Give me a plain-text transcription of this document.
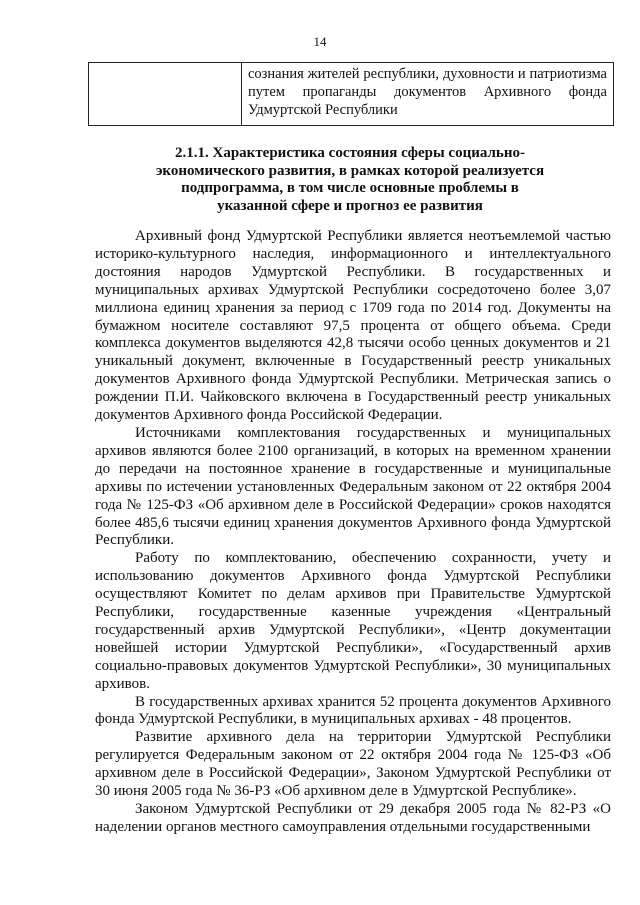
14

сознания жителей республики, духовности и патриотизма путем пропаганды документов Архивного фонда Удмуртской Республики
2.1.1. Характеристика состояния сферы социально-экономического развития, в рамках которой реализуется подпрограмма, в том числе основные проблемы в указанной сфере и прогноз ее развития

Архивный фонд Удмуртской Республики является неотъемлемой частью историко-культурного наследия, информационного и интеллектуального достояния народов Удмуртской Республики. В государственных и муниципальных архивах Удмуртской Республики сосредоточено более 3,07 миллиона единиц хранения за период с 1709 года по 2014 год. Документы на бумажном носителе составляют 97,5 процента от общего объема. Среди комплекса документов выделяются 42,8 тысячи особо ценных документов и 21 уникальный документ, включенные в Государственный реестр уникальных документов Архивного фонда Удмуртской Республики. Метрическая запись о рождении П.И. Чайковского включена в Государственный реестр уникальных документов Архивного фонда Российской Федерации.

Источниками комплектования государственных и муниципальных архивов являются более 2100 организаций, в которых на временном хранении до передачи на постоянное хранение в государственные и муниципальные архивы по истечении установленных Федеральным законом от 22 октября 2004 года № 125-ФЗ «Об архивном деле в Российской Федерации» сроков находятся более 485,6 тысячи единиц хранения документов Архивного фонда Удмуртской Республики.

Работу по комплектованию, обеспечению сохранности, учету и использованию документов Архивного фонда Удмуртской Республики осуществляют Комитет по делам архивов при Правительстве Удмуртской Республики, государственные казенные учреждения «Центральный государственный архив Удмуртской Республики», «Центр документации новейшей истории Удмуртской Республики», «Государственный архив социально-правовых документов Удмуртской Республики», 30 муниципальных архивов.

В государственных архивах хранится 52 процента документов Архивного фонда Удмуртской Республики, в муниципальных архивах - 48 процентов.

Развитие архивного дела на территории Удмуртской Республики регулируется Федеральным законом от 22 октября 2004 года № 125-ФЗ «Об архивном деле в Российской Федерации», Законом Удмуртской Республики от 30 июня 2005 года № 36-РЗ «Об архивном деле в Удмуртской Республике».

Законом Удмуртской Республики от 29 декабря 2005 года № 82-РЗ «О наделении органов местного самоуправления отдельными государственными
